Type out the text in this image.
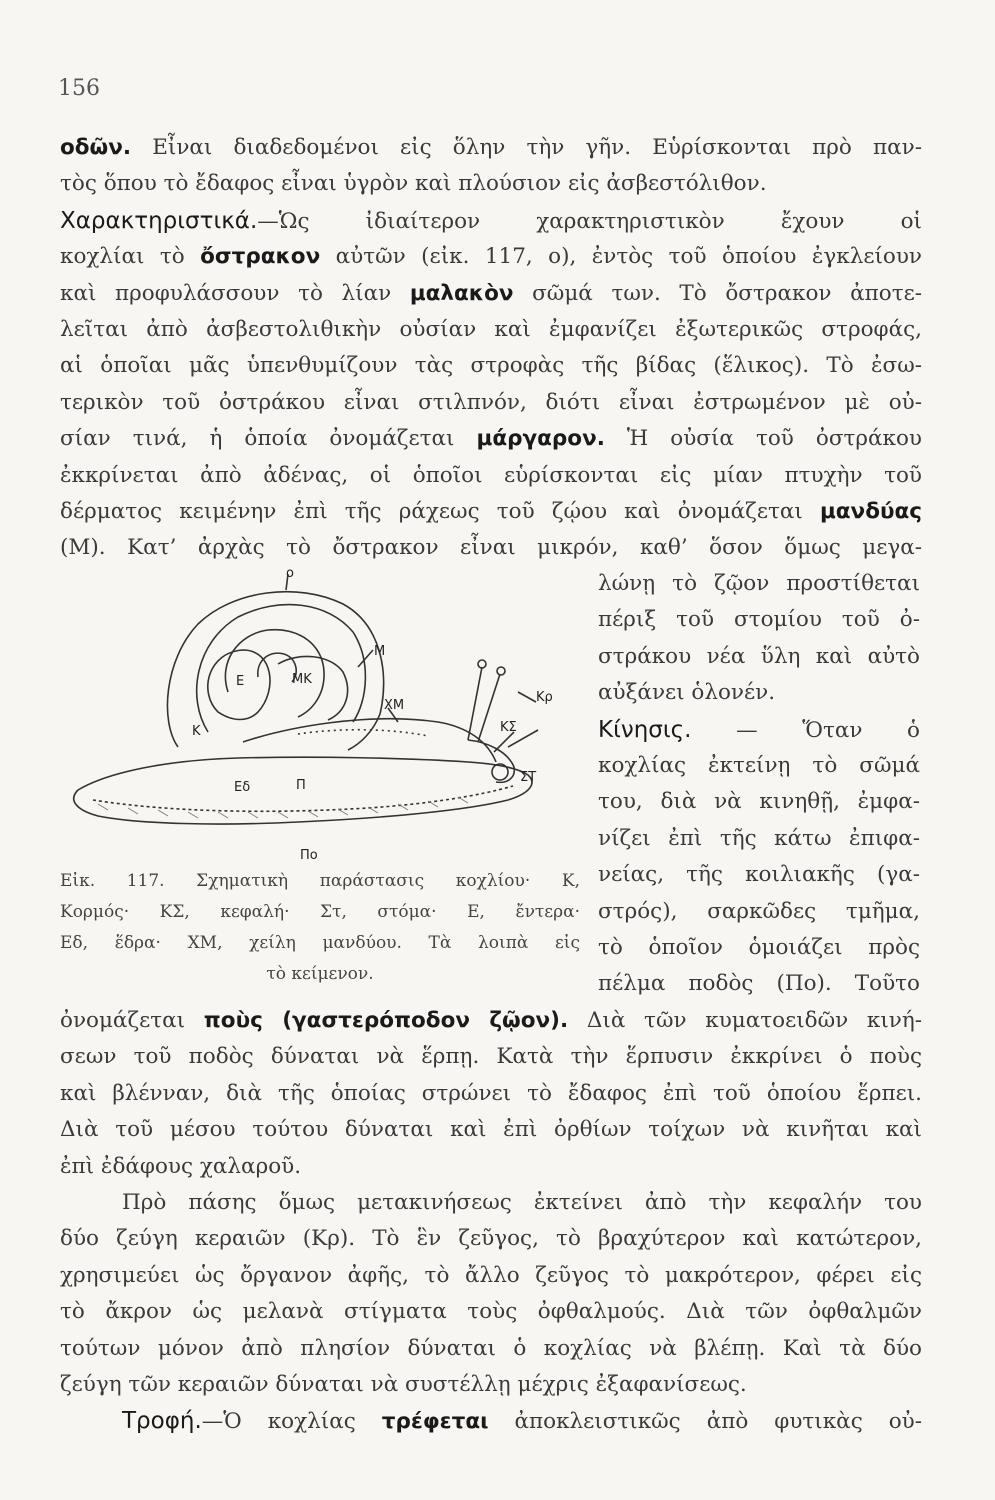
156
οδῶν. Εἶναι διαδεδομένοι εἰς ὅλην τὴν γῆν. Εὑρίσκονται πρὸ παν-
τὸς ὅπου τὸ ἔδαφος εἶναι ὑγρὸν καὶ πλούσιον εἰς ἀσβεστόλιθον.
Χαρακτηριστικά.—Ὡς ἰδιαίτερον χαρακτηριστικὸν ἔχουν οἱ
κοχλίαι τὸ ὄστρακον αὐτῶν (εἰκ. 117, ο), ἐντὸς τοῦ ὁποίου ἐγκλείουν
καὶ προφυλάσσουν τὸ λίαν μαλακὸν σῶμά των. Τὸ ὄστρακον ἀποτε-
λεῖται ἀπὸ ἀσβεστολιθικὴν οὐσίαν καὶ ἐμφανίζει ἐξωτερικῶς στροφάς,
αἱ ὁποῖαι μᾶς ὑπενθυμίζουν τὰς στροφὰς τῆς βίδας (ἕλικος). Τὸ ἐσω-
τερικὸν τοῦ ὀστράκου εἶναι στιλπνόν, διότι εἶναι ἐστρωμένον μὲ οὐ-
σίαν τινά, ἡ ὁποία ὀνομάζεται μάργαρον. Ἡ οὐσία τοῦ ὀστράκου
ἐκκρίνεται ἀπὸ ἀδένας, οἱ ὁποῖοι εὑρίσκονται εἰς μίαν πτυχὴν τοῦ
δέρματος κειμένην ἐπὶ τῆς ράχεως τοῦ ζῴου καὶ ὀνομάζεται μανδύας
(Μ). Κατ’ ἀρχὰς τὸ ὄστρακον εἶναι μικρόν, καθ’ ὅσον ὅμως μεγα-
λώνῃ τὸ ζῷον προστίθεται
πέριξ τοῦ στομίου τοῦ ὀ-
στράκου νέα ὕλη καὶ αὐτὸ
αὐξάνει ὁλονέν.
Κίνησις. — Ὅταν ὁ
κοχλίας ἐκτείνῃ τὸ σῶμά
του, διὰ νὰ κινηθῇ, ἐμφα-
νίζει ἐπὶ τῆς κάτω ἐπιφα-
νείας, τῆς κοιλιακῆς (γα-
στρός), σαρκῶδες τμῆμα,
τὸ ὁποῖον ὁμοιάζει πρὸς
πέλμα ποδὸς (Πο). Τοῦτο
ο
Μ
ΜΚ
Ε
Κ
ΧΜ
Κρ
ΚΣ
ΣΤ
Εδ	Π
Πο
Εἰκ. 117. Σχηματικὴ παράστασις κοχλίου· Κ,
Κορμός· ΚΣ, κεφαλή· Στ, στόμα· Ε, ἔντερα·
Εδ, ἕδρα· ΧΜ, χείλη μανδύου. Τὰ λοιπὰ εἰς
τὸ κείμενον.
ὀνομάζεται ποὺς (γαστερόποδον ζῷον). Διὰ τῶν κυματοειδῶν κινή-
σεων τοῦ ποδὸς δύναται νὰ ἕρπῃ. Κατὰ τὴν ἕρπυσιν ἐκκρίνει ὁ ποὺς
καὶ βλένναν, διὰ τῆς ὁποίας στρώνει τὸ ἔδαφος ἐπὶ τοῦ ὁποίου ἕρπει.
Διὰ τοῦ μέσου τούτου δύναται καὶ ἐπὶ ὀρθίων τοίχων νὰ κινῆται καὶ
ἐπὶ ἐδάφους χαλαροῦ.
Πρὸ πάσης ὅμως μετακινήσεως ἐκτείνει ἀπὸ τὴν κεφαλήν του
δύο ζεύγη κεραιῶν (Κρ). Τὸ ἓν ζεῦγος, τὸ βραχύτερον καὶ κατώτερον,
χρησιμεύει ὡς ὄργανον ἀφῆς, τὸ ἄλλο ζεῦγος τὸ μακρότερον, φέρει εἰς
τὸ ἄκρον ὡς μελανὰ στίγματα τοὺς ὀφθαλμούς. Διὰ τῶν ὀφθαλμῶν
τούτων μόνον ἀπὸ πλησίον δύναται ὁ κοχλίας νὰ βλέπῃ. Καὶ τὰ δύο
ζεύγη τῶν κεραιῶν δύναται νὰ συστέλλῃ μέχρις ἐξαφανίσεως.
Τροφή.—Ὁ κοχλίας τρέφεται ἀποκλειστικῶς ἀπὸ φυτικὰς οὐ-
